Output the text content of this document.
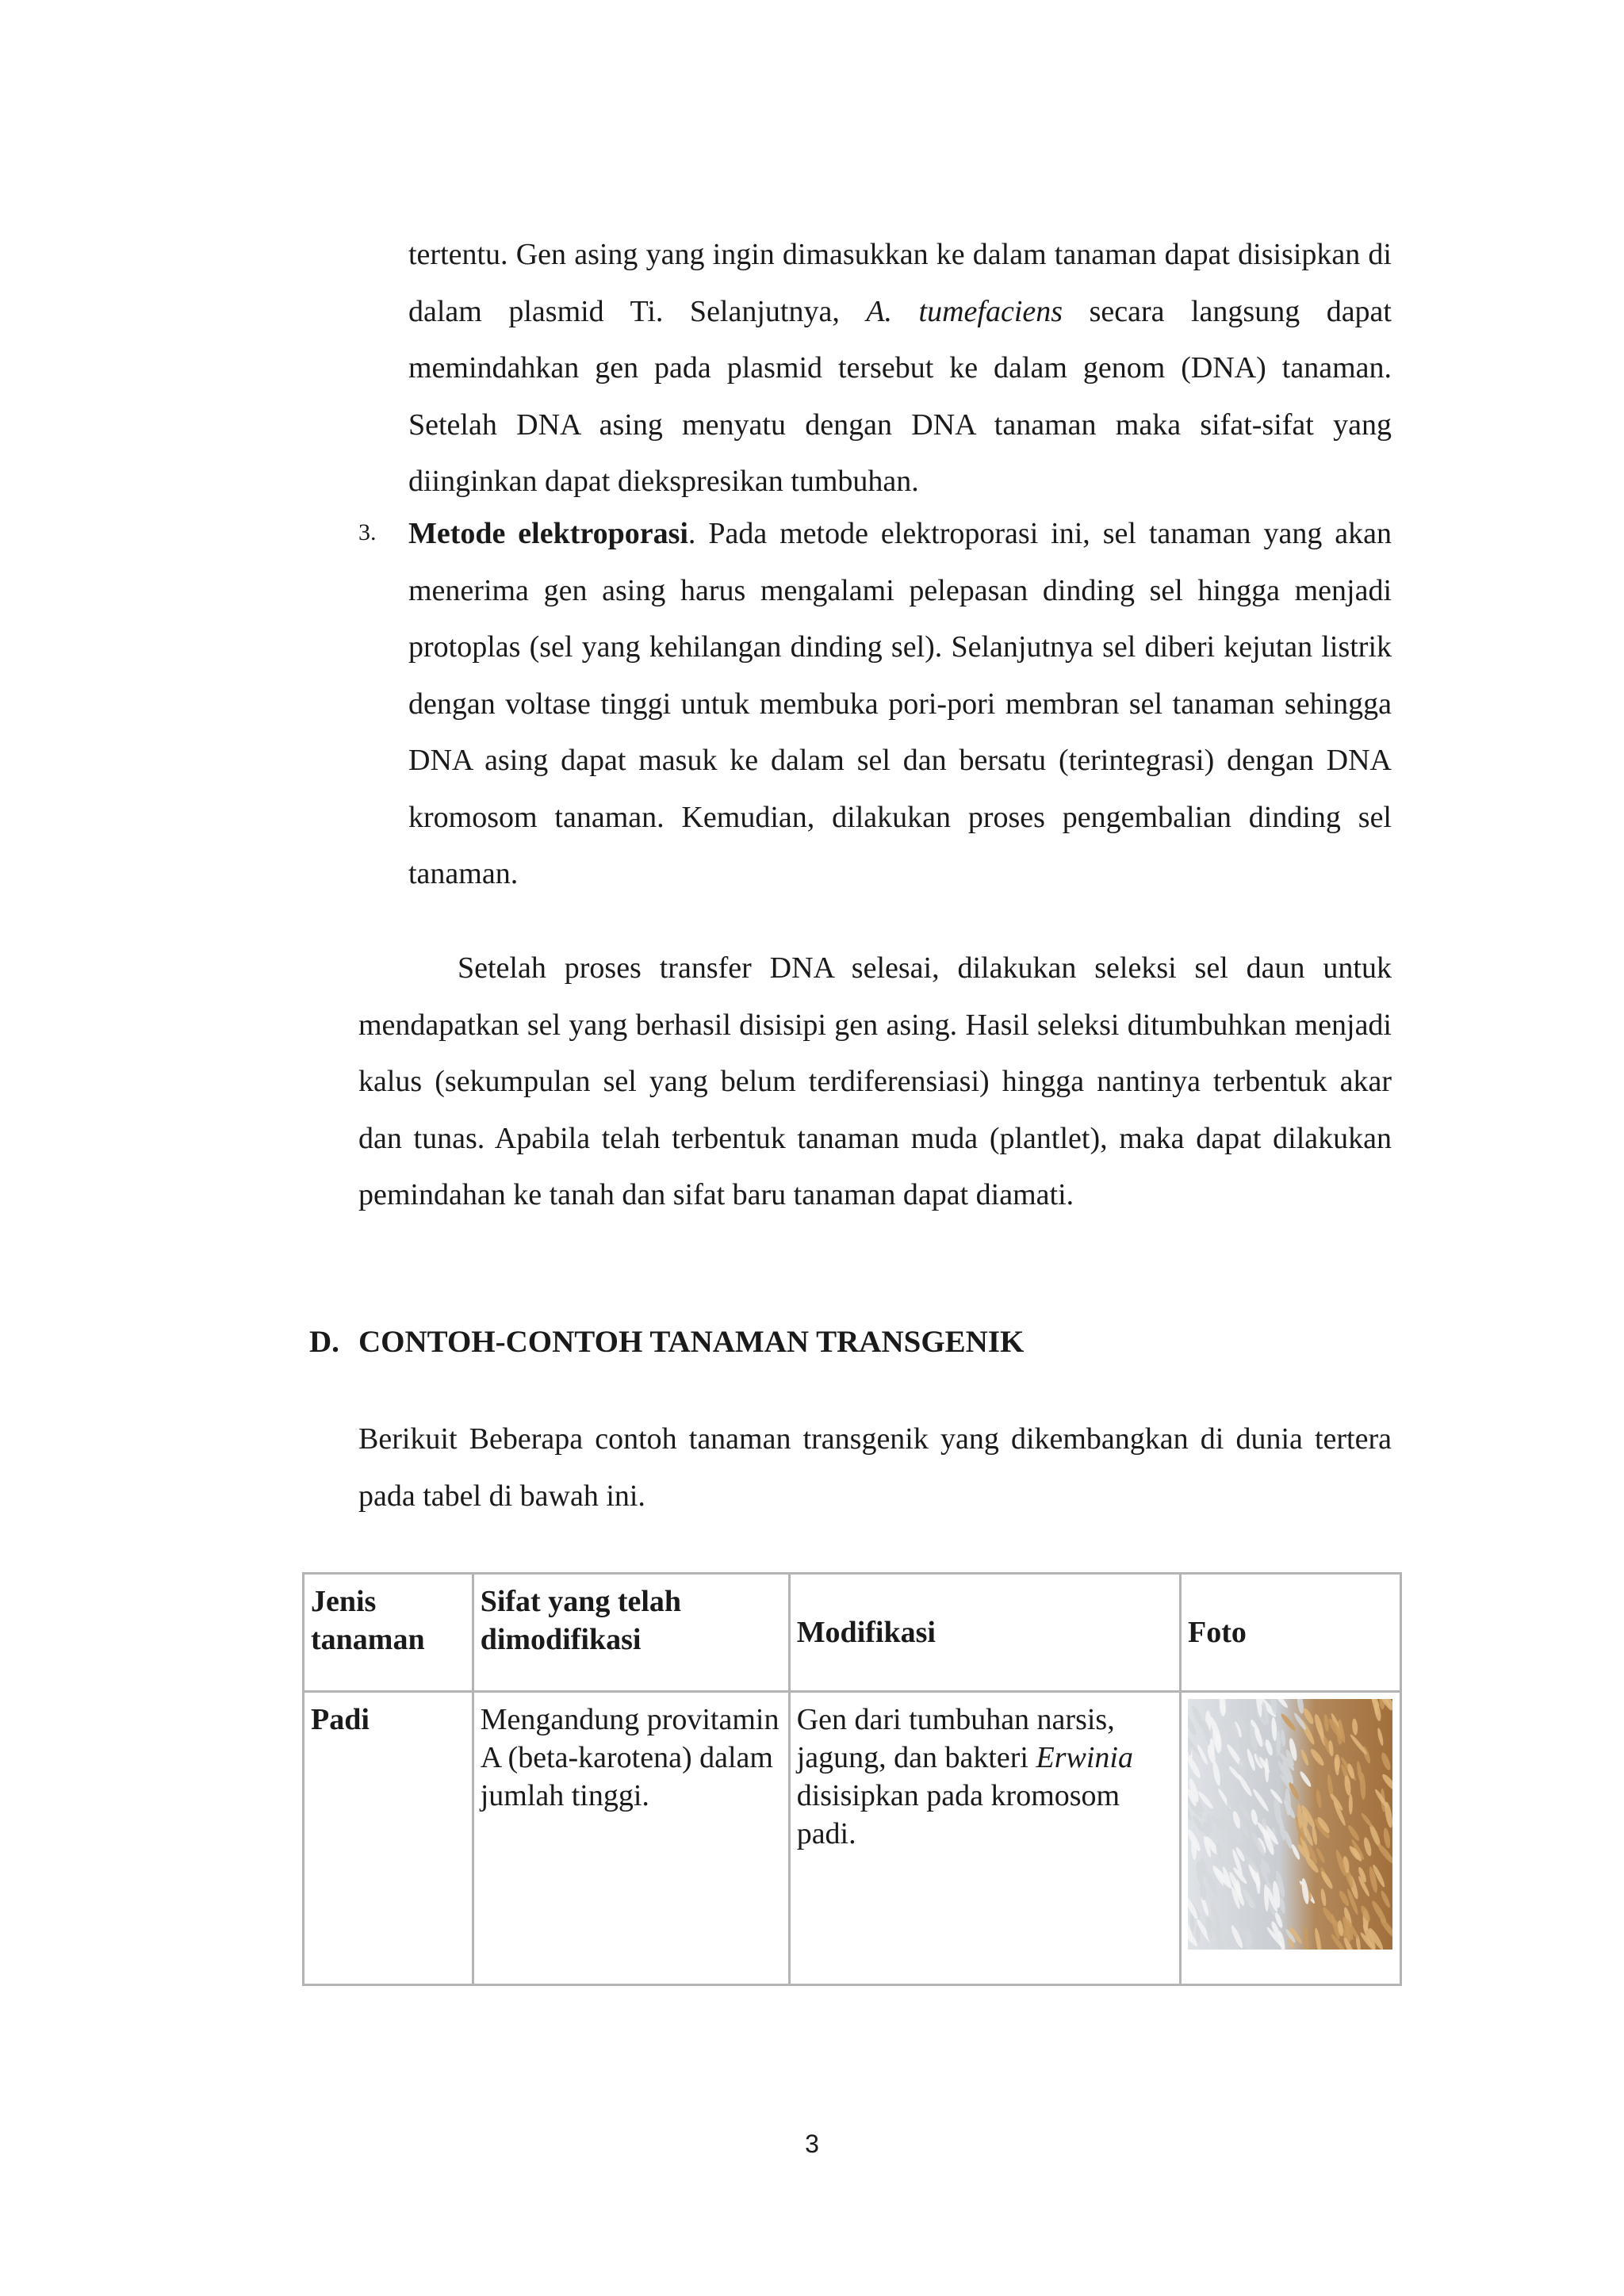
tertentu. Gen asing yang ingin dimasukkan ke dalam tanaman dapat disisipkan di dalam plasmid Ti. Selanjutnya, A. tumefaciens secara langsung dapat memindahkan gen pada plasmid tersebut ke dalam genom (DNA) tanaman. Setelah DNA asing menyatu dengan DNA tanaman maka sifat-sifat yang diinginkan dapat diekspresikan tumbuhan.

3. Metode elektroporasi. Pada metode elektroporasi ini, sel tanaman yang akan menerima gen asing harus mengalami pelepasan dinding sel hingga menjadi protoplas (sel yang kehilangan dinding sel). Selanjutnya sel diberi kejutan listrik dengan voltase tinggi untuk membuka pori-pori membran sel tanaman sehingga DNA asing dapat masuk ke dalam sel dan bersatu (terintegrasi) dengan DNA kromosom tanaman. Kemudian, dilakukan proses pengembalian dinding sel tanaman.

Setelah proses transfer DNA selesai, dilakukan seleksi sel daun untuk mendapatkan sel yang berhasil disisipi gen asing. Hasil seleksi ditumbuhkan menjadi kalus (sekumpulan sel yang belum terdiferensiasi) hingga nantinya terbentuk akar dan tunas. Apabila telah terbentuk tanaman muda (plantlet), maka dapat dilakukan pemindahan ke tanah dan sifat baru tanaman dapat diamati.

D. CONTOH-CONTOH TANAMAN TRANSGENIK

Berikuit Beberapa contoh tanaman transgenik yang dikembangkan di dunia tertera pada tabel di bawah ini.

Jenis tanaman	Sifat yang telah dimodifikasi	Modifikasi	Foto
Padi	Mengandung provitamin A (beta-karotena) dalam jumlah tinggi.	Gen dari tumbuhan narsis, jagung, dan bakteri Erwinia disisipkan pada kromosom padi.	
3
